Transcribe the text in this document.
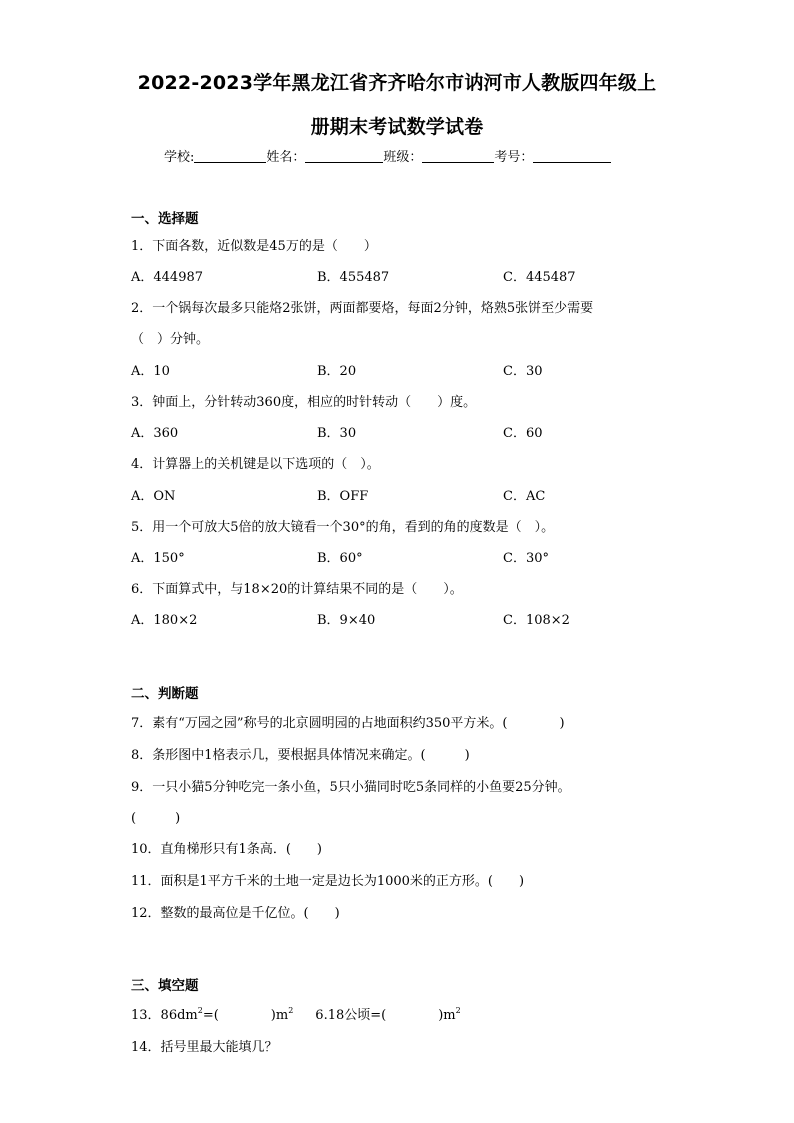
2022-2023学年黑龙江省齐齐哈尔市讷河市人教版四年级上
册期末考试数学试卷
学校:	姓名：	班级：	考号：
一、选择题
1．下面各数，近似数是45万的是（　　）
A．444987	B．455487	C．445487
2．一个锅每次最多只能烙2张饼，两面都要烙，每面2分钟，烙熟5张饼至少需要
（　）分钟。
A．10	B．20	C．30
3．钟面上，分针转动360度，相应的时针转动（　　）度。
A．360	B．30	C．60
4．计算器上的关机键是以下选项的（　）。
A．ON	B．OFF	C．AC
5．用一个可放大5倍的放大镜看一个30°的角，看到的角的度数是（　）。
A．150°	B．60°	C．30°
6．下面算式中，与18×20的计算结果不同的是（　　）。
A．180×2	B．9×40	C．108×2
二、判断题
7．素有“万园之园”称号的北京圆明园的占地面积约350平方米。(　　　　)
8．条形图中1格表示几，要根据具体情况来确定。(　　　)
9．一只小猫5分钟吃完一条小鱼，5只小猫同时吃5条同样的小鱼要25分钟。
(　　　)
10．直角梯形只有1条高．(　　)
11．面积是1平方千米的土地一定是边长为1000米的正方形。(　　)
12．整数的最高位是千亿位。(　　)
三、填空题
13．$86dm^2=$(　　　　)$m^2$ 6.18公顷=(　　　　)$m^2$
14．括号里最大能填几？
